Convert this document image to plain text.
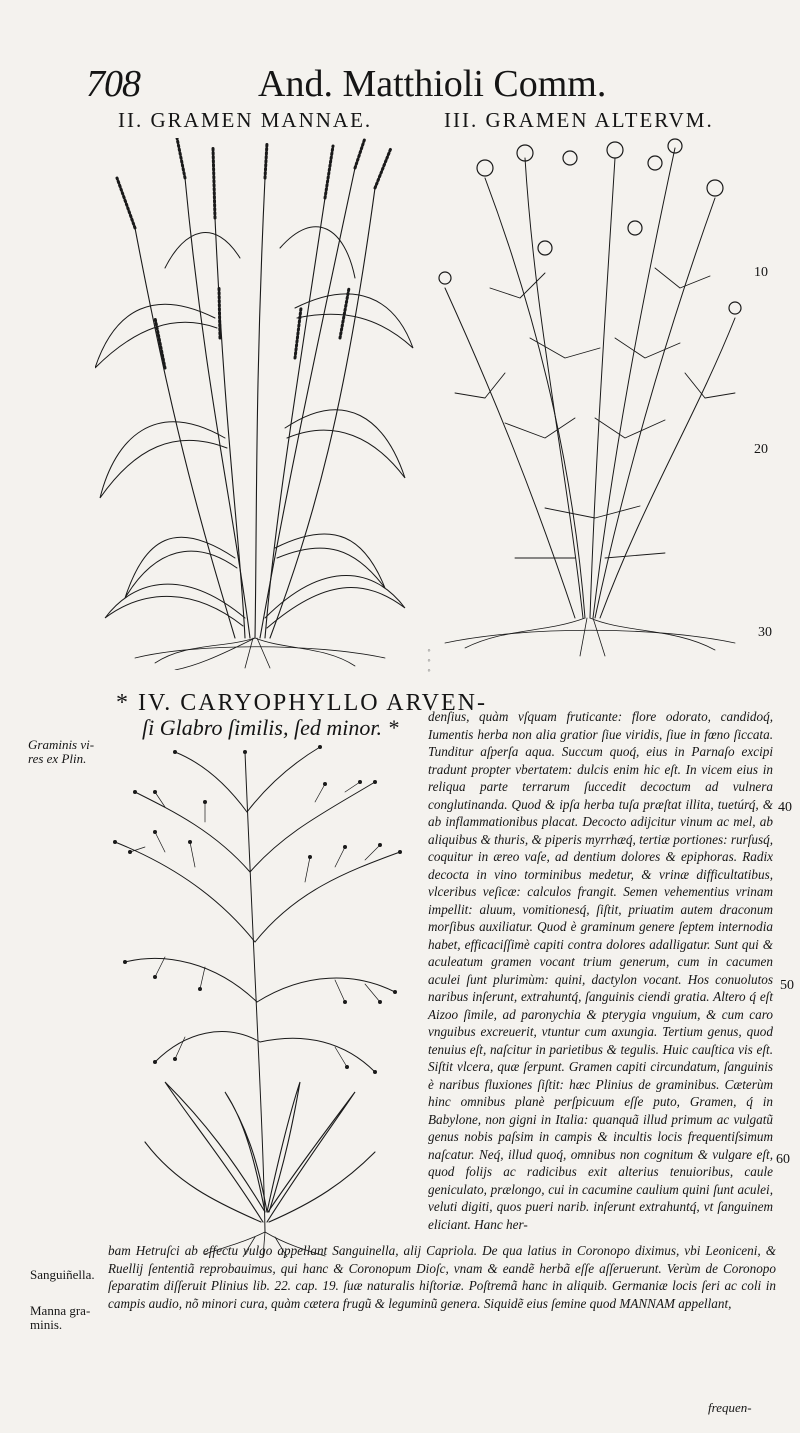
708	And. Matthioli Comm.
II. GRAMEN MANNAE.	III. GRAMEN ALTERVM.
* IV. CARYOPHYLLO ARVEN-
ſi Glabro ſimilis, ſed minor. *
◦◦◦
10
20
30
40
50
60
Graminis vi-res ex Plin.
Sanguiñella.
Manna gra-minis.
denſius, quàm vſquam fruticante: flore odorato, candidoq́, Iumentis herba non alia gratior ſiue viridis, ſiue in fœno ſiccata. Tunditur aſperſa aqua. Succum quoq́, eius in Parnaſo excipi tradunt propter vbertatem: dulcis enim hic eſt. In vicem eius in reliqua parte terrarum ſuccedit decoctum ad vulnera conglutinanda. Quod & ipſa herba tuſa præſtat illita, tuetúrq́, & ab inflammationibus placat. Decocto adijcitur vinum ac mel, ab aliquibus & thuris, & piperis myrrhæq́, tertiæ portiones: rurſusq́, coquitur in æreo vaſe, ad dentium dolores & epiphoras. Radix decocta in vino torminibus medetur, & vrinæ difficultatibus, vlceribus veſicæ: calculos frangit. Semen vehementius vrinam impellit: aluum, vomitionesq́, ſiſtit, priuatim autem draconum morſibus auxiliatur. Quod è graminum genere ſeptem internodia habet, efficaciſſimè capiti contra dolores adalligatur. Sunt qui & aculeatum gramen vocant trium generum, cum in cacumen aculei ſunt plurimùm: quini, dactylon vocant. Hos conuolutos naribus inſerunt, extrahuntq́, ſanguinis ciendi gratia. Altero q́ eſt Aizoo ſimile, ad paronychia & pterygia vnguium, & cum caro vnguibus excreuerit, vtuntur cum axungia. Tertium genus, quod tenuius eſt, naſcitur in parietibus & tegulis. Huic cauſtica vis eſt. Siſtit vlcera, quæ ſerpunt. Gramen capiti circundatum, ſanguinis è naribus fluxiones ſiſtit: hæc Plinius de graminibus. Cæterùm hinc omnibus planè perſpicuum eſſe puto, Gramen, q́ in Babylone, non gigni in Italia: quanquã illud primum ac vulgatũ genus nobis paſsim in campis & incultis locis frequentiſsimum naſcatur. Neq́, illud quoq́, omnibus non cognitum & vulgare eſt, quod folijs ac radicibus exit alterius tenuioribus, caule geniculato, prælongo, cui in cacumine caulium quini ſunt aculei, veluti digiti, quos pueri narib. inſerunt extrahuntq́, vt ſanguinem eliciant. Hanc her-
bam Hetruſci ab effectu vulgo appellant Sanguinella, alij Capriola. De qua latius in Coronopo diximus, vbi Leoniceni, & Ruellij ſententiã reprobauimus, qui hanc & Coronopum Dioſc, vnam & eandẽ herbã eſſe aſſeruerunt. Verùm de Coronopo ſeparatim diſſeruit Plinius lib. 22. cap. 19. ſuæ naturalis hiſtoriæ. Poſtremã hanc in aliquib. Germaniæ locis ſeri ac coli in campis audio, nõ minori cura, quàm cætera frugũ & leguminũ genera. Siquidẽ eius ſemine quod MANNAM appellant,
frequen-
